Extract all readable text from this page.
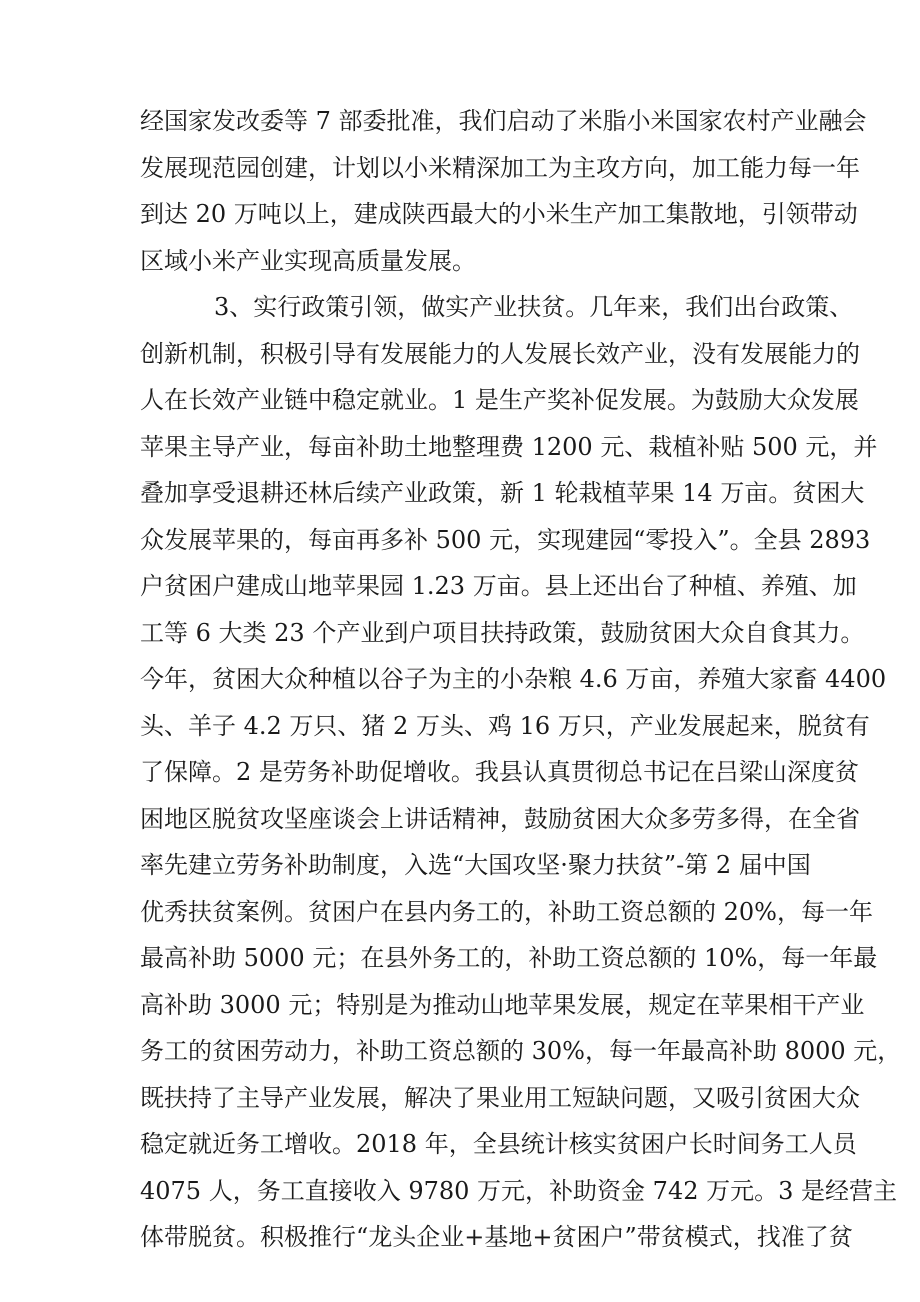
经国家发改委等 7 部委批准，我们启动了米脂小米国家农村产业融会
发展现范园创建，计划以小米精深加工为主攻方向，加工能力每一年
到达 20 万吨以上，建成陕西最大的小米生产加工集散地，引领带动
区域小米产业实现高质量发展。
3、实行政策引领，做实产业扶贫。几年来，我们出台政策、
创新机制，积极引导有发展能力的人发展长效产业，没有发展能力的
人在长效产业链中稳定就业。1 是生产奖补促发展。为鼓励大众发展
苹果主导产业，每亩补助土地整理费 1200 元、栽植补贴 500 元，并
叠加享受退耕还林后续产业政策，新 1 轮栽植苹果 14 万亩。贫困大
众发展苹果的，每亩再多补 500 元，实现建园“零投入”。全县 2893
户贫困户建成山地苹果园 1.23 万亩。县上还出台了种植、养殖、加
工等 6 大类 23 个产业到户项目扶持政策，鼓励贫困大众自食其力。
今年，贫困大众种植以谷子为主的小杂粮 4.6 万亩，养殖大家畜 4400
头、羊子 4.2 万只、猪 2 万头、鸡 16 万只，产业发展起来，脱贫有
了保障。2 是劳务补助促增收。我县认真贯彻总书记在吕梁山深度贫
困地区脱贫攻坚座谈会上讲话精神，鼓励贫困大众多劳多得，在全省
率先建立劳务补助制度，入选“大国攻坚·聚力扶贫”-第 2 届中国
优秀扶贫案例。贫困户在县内务工的，补助工资总额的 20%，每一年
最高补助 5000 元；在县外务工的，补助工资总额的 10%，每一年最
高补助 3000 元；特别是为推动山地苹果发展，规定在苹果相干产业
务工的贫困劳动力，补助工资总额的 30%，每一年最高补助 8000 元，
既扶持了主导产业发展，解决了果业用工短缺问题，又吸引贫困大众
稳定就近务工增收。2018 年，全县统计核实贫困户长时间务工人员
4075 人，务工直接收入 9780 万元，补助资金 742 万元。3 是经营主
体带脱贫。积极推行“龙头企业+基地+贫困户”带贫模式，找准了贫
